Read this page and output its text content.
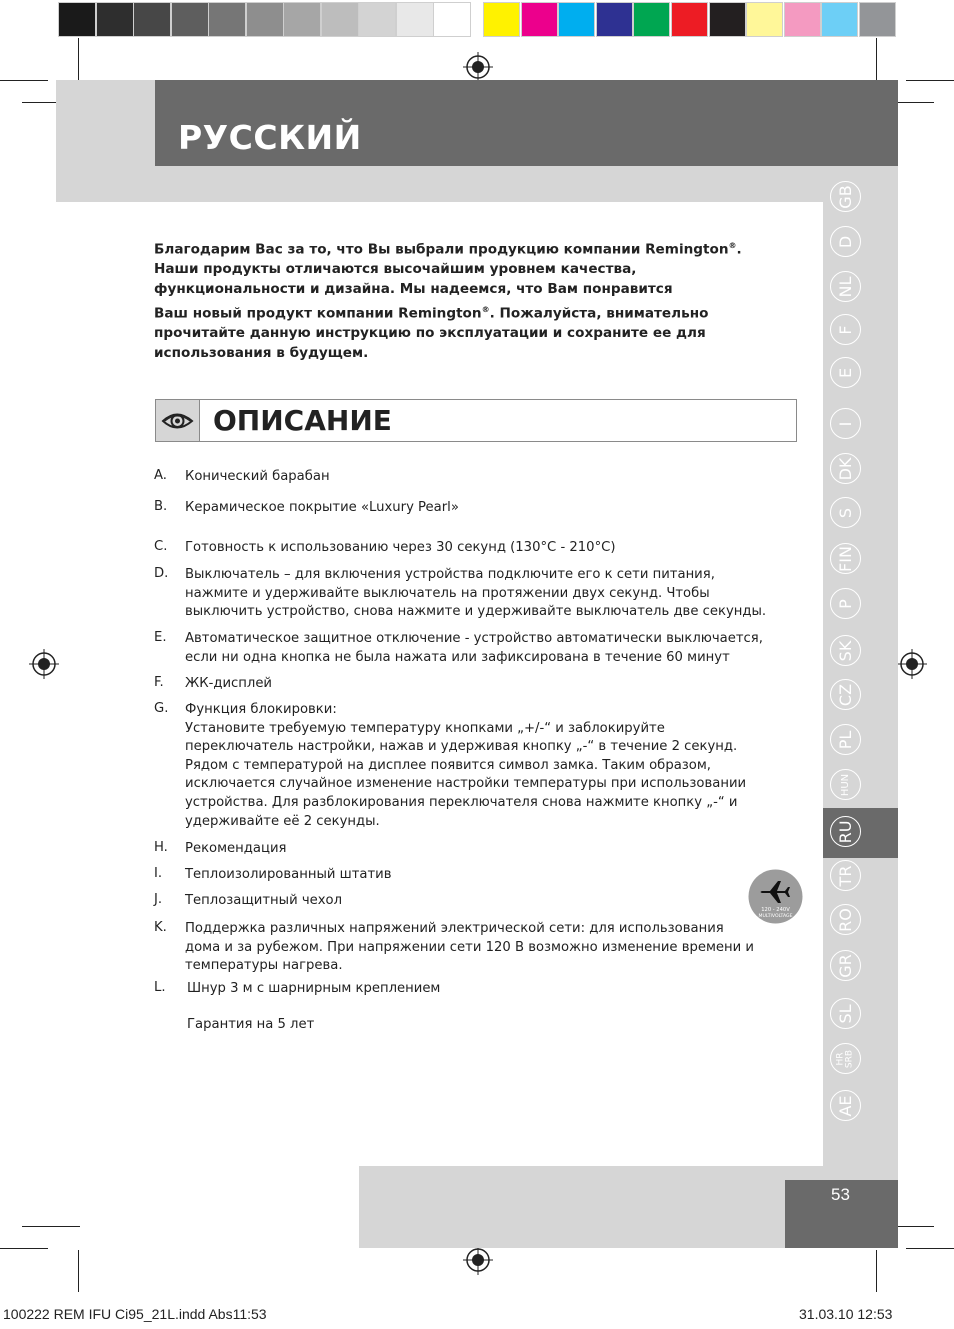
РУССКИЙ
GB
D
NL
F
E
I
DK
S
FIN
P
SK
CZ
PL
HUN
RU
TR
RO
GR
SL
HR
SRB
AE
53

Благодарим Вас за то, что Вы выбрали продукцию компании Remington®.
Наши продукты отличаются высочайшим уровнем качества,
функциональности и дизайна. Мы надеемся, что Вам понравится
Ваш новый продукт компании Remington®. Пожалуйста, внимательно
прочитайте данную инструкцию по эксплуатации и сохраните ее для
использования в будущем.

ОПИСАНИЕ
A. Конический барабан
B. Керамическое покрытие «Luxury Pearl»
C. Готовность к использованию через 30 секунд (130°C - 210°C)
D. Выключатель – для включения устройства подключите его к сети питания,
нажмите и удерживайте выключатель на протяжении двух секунд. Чтобы
выключить устройство, снова нажмите и удерживайте выключатель две секунды.
E. Автоматическое защитное отключение - устройство автоматически выключается,
если ни одна кнопка не была нажата или зафиксирована в течение 60 минут
F. ЖК-дисплей
G. Функция блокировки:
Установите требуемую температуру кнопками „+/-“ и заблокируйте
переключатель настройки, нажав и удерживая кнопку „-“ в течение 2 секунд.
Рядом с температурой на дисплее появится символ замка. Таким образом,
исключается случайное изменение настройки температуры при использовании
устройства. Для разблокирования переключателя снова нажмите кнопку „-“ и
удерживайте её 2 секунды.
H. Рекомендация
I. Теплоизолированный штатив
J. Теплозащитный чехол
K. Поддержка различных напряжений электрической сети: для использования
дома и за рубежом. При напряжении сети 120 В возможно изменение времени и
температуры нагрева.
L. Шнур 3 м с шарнирным креплением
Гарантия на 5 лет
120 - 240V
MULTIVOLTAGE
100222 REM IFU Ci95_21L.indd Abs11:53	31.03.10 12:53
